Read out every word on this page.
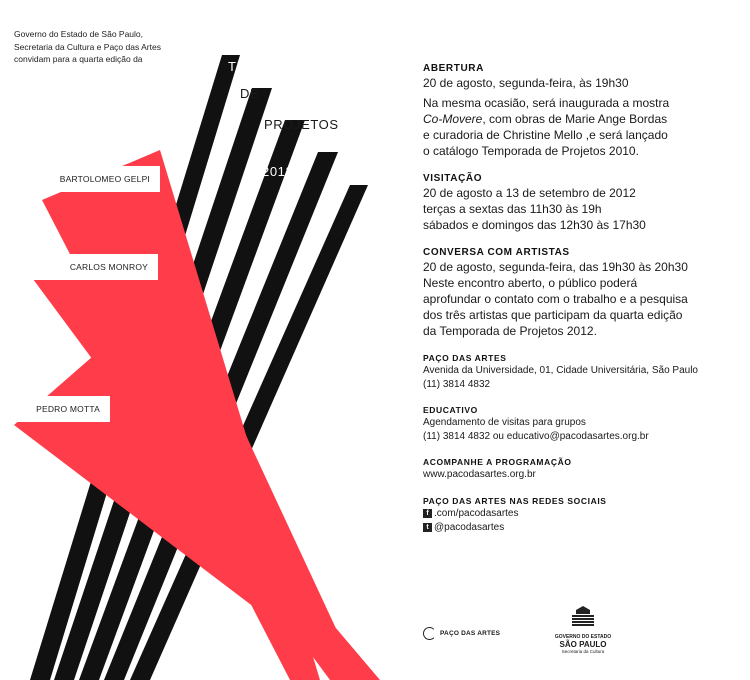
Governo do Estado de São Paulo,
Secretaria da Cultura e Paço das Artes
convidam para a quarta edição da	TEMPORADA
DE
PROJETOS
2012
BARTOLOMEO GELPI
CARLOS MONROY
PEDRO MOTTA
ABERTURA
20 de agosto, segunda-feira, às 19h30
Na mesma ocasião, será inaugurada a mostra
Co-Movere, com obras de Marie Ange Bordas
e curadoria de Christine Mello ,e será lançado
o catálogo Temporada de Projetos 2010.
VISITAÇÃO
20 de agosto a 13 de setembro de 2012
terças a sextas das 11h30 às 19h
sábados e domingos das 12h30 às 17h30
CONVERSA COM ARTISTAS
20 de agosto, segunda-feira, das 19h30 às 20h30
Neste encontro aberto, o público poderá
aprofundar o contato com o trabalho e a pesquisa
dos três artistas que participam da quarta edição
da Temporada de Projetos 2012.
PAÇO DAS ARTES
Avenida da Universidade, 01, Cidade Universitária, São Paulo
(11) 3814 4832
EDUCATIVO
Agendamento de visitas para grupos
(11) 3814 4832 ou educativo@pacodasartes.org.br
ACOMPANHE A PROGRAMAÇÃO
www.pacodasartes.org.br
PAÇO DAS ARTES NAS REDES SOCIAIS
f .com/pacodasartes
t @pacodasartes
PAÇO DAS ARTES	GOVERNO DO ESTADO
SÃO PAULO
Secretaria da Cultura
